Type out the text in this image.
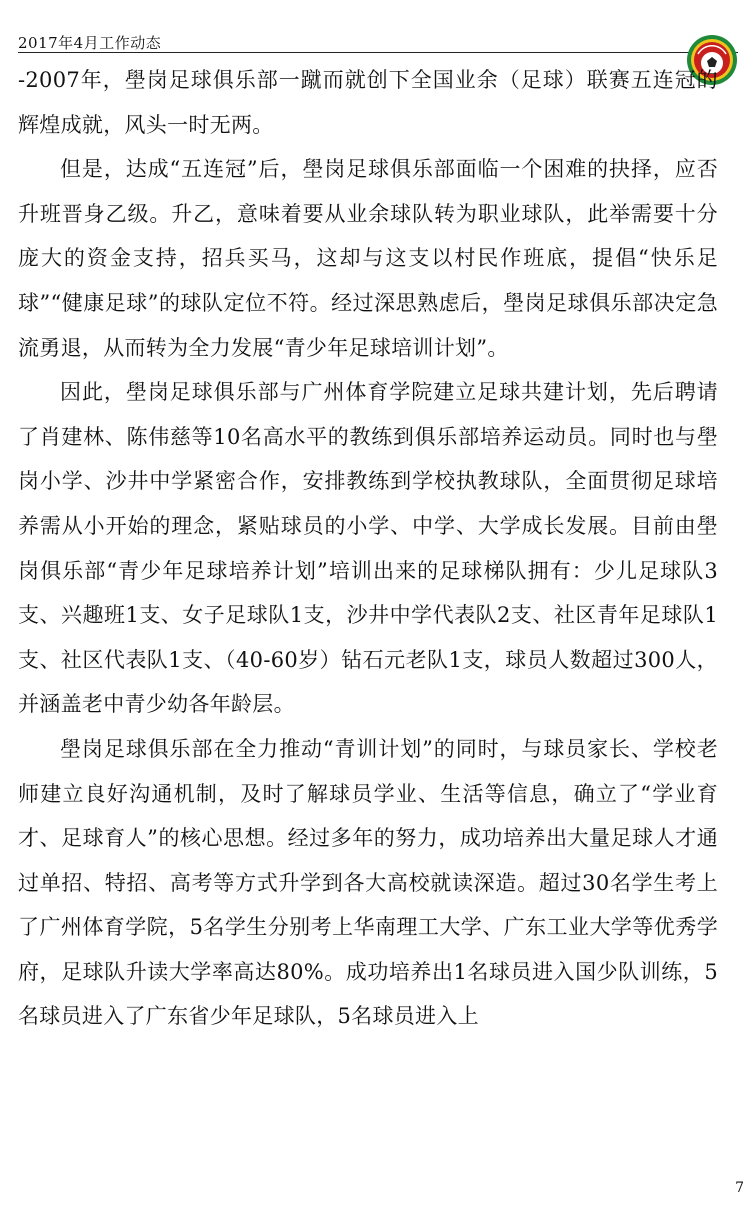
2017年4月工作动态

-2007年，壆岗足球俱乐部一蹴而就创下全国业余（足球）联赛五连冠的辉煌成就，风头一时无两。

但是，达成“五连冠”后，壆岗足球俱乐部面临一个困难的抉择，应否升班晋身乙级。升乙，意味着要从业余球队转为职业球队，此举需要十分庞大的资金支持，招兵买马，这却与这支以村民作班底，提倡“快乐足球”“健康足球”的球队定位不符。经过深思熟虑后，壆岗足球俱乐部决定急流勇退，从而转为全力发展“青少年足球培训计划”。

因此，壆岗足球俱乐部与广州体育学院建立足球共建计划，先后聘请了肖建林、陈伟慈等10名高水平的教练到俱乐部培养运动员。同时也与壆岗小学、沙井中学紧密合作，安排教练到学校执教球队，全面贯彻足球培养需从小开始的理念，紧贴球员的小学、中学、大学成长发展。目前由壆岗俱乐部“青少年足球培养计划”培训出来的足球梯队拥有：少儿足球队3支、兴趣班1支、女子足球队1支，沙井中学代表队2支、社区青年足球队1支、社区代表队1支、（40-60岁）钻石元老队1支，球员人数超过300人，并涵盖老中青少幼各年龄层。

壆岗足球俱乐部在全力推动“青训计划”的同时，与球员家长、学校老师建立良好沟通机制，及时了解球员学业、生活等信息，确立了“学业育才、足球育人”的核心思想。经过多年的努力，成功培养出大量足球人才通过单招、特招、高考等方式升学到各大高校就读深造。超过30名学生考上了广州体育学院，5名学生分别考上华南理工大学、广东工业大学等优秀学府，足球队升读大学率高达80%。成功培养出1名球员进入国少队训练，5名球员进入了广东省少年足球队，5名球员进入上

7
